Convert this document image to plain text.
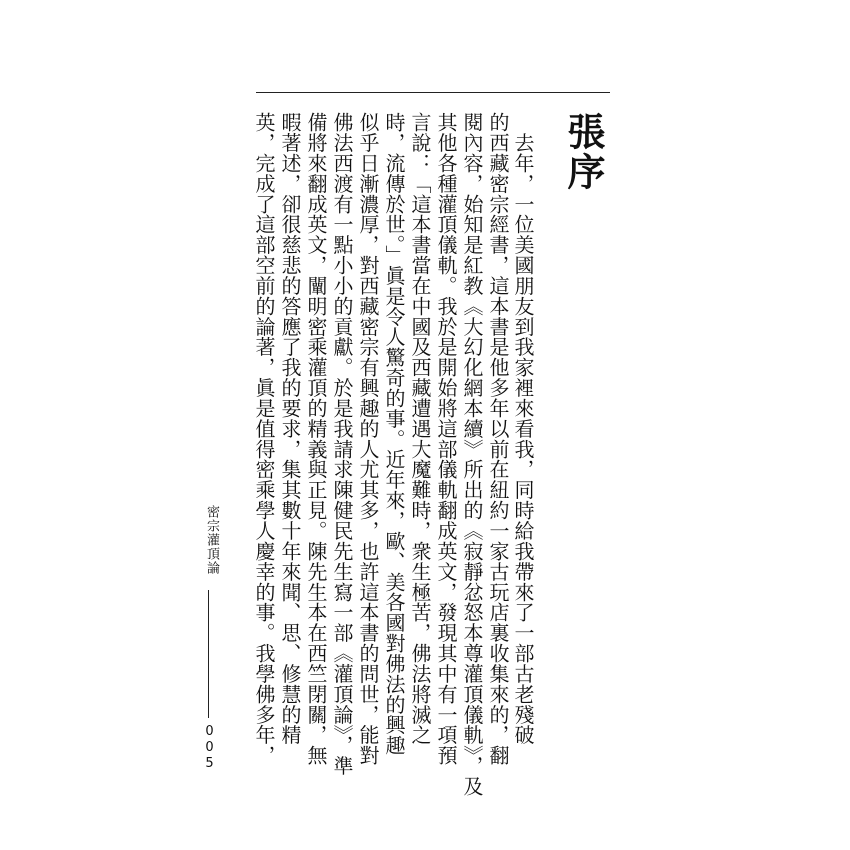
張序
　去年，一位美國朋友到我家裡來看我，同時給我帶來了一部古老殘破
的西藏密宗經書，這本書是他多年以前在紐約一家古玩店裏收集來的，翻
閱內容，始知是紅教《大幻化網本續》所出的《寂靜忿怒本尊灌頂儀軌》，及
其他各種灌頂儀軌。我於是開始將這部儀軌翻成英文，發現其中有一項預
言說：「這本書當在中國及西藏遭遇大魔難時，衆生極苦，佛法將滅之
時，流傳於世。」眞是令人驚奇的事。近年來，歐、美各國對佛法的興趣
似乎日漸濃厚，對西藏密宗有興趣的人尤其多，也許這本書的問世，能對
佛法西渡有一點小小的貢獻。於是我請求陳健民先生寫一部《灌頂論》，準
備將來翻成英文，闡明密乘灌頂的精義與正見。陳先生本在西竺閉關，無
暇著述，卻很慈悲的答應了我的要求，集其數十年來聞、思、修慧的精
英，完成了這部空前的論著，眞是值得密乘學人慶幸的事。我學佛多年，
密宗灌頂論
005
